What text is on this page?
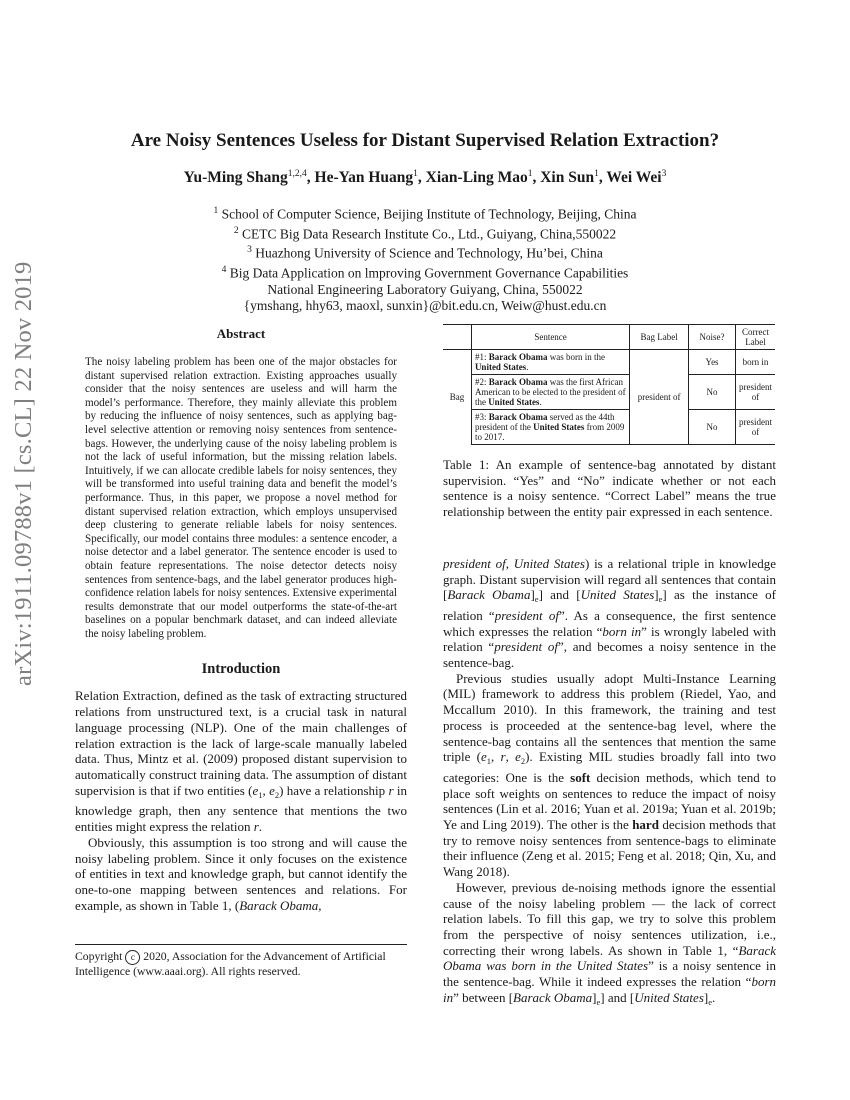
arXiv:1911.09788v1 [cs.CL] 22 Nov 2019
Are Noisy Sentences Useless for Distant Supervised Relation Extraction?
Yu-Ming Shang$^{1,2,4}$, He-Yan Huang$^1$, Xian-Ling Mao$^1$, Xin Sun$^1$, Wei Wei$^3$
$^1$ School of Computer Science, Beijing Institute of Technology, Beijing, China
$^2$ CETC Big Data Research Institute Co., Ltd., Guiyang, China,550022
$^3$ Huazhong University of Science and Technology, Hu’bei, China
$^4$ Big Data Application on lmproving Government Governance Capabilities
National Engineering Laboratory Guiyang, China, 550022
{ymshang, hhy63, maoxl, sunxin}@bit.edu.cn, Weiw@hust.edu.cn
Abstract

The noisy labeling problem has been one of the major obstacles for distant supervised relation extraction. Existing approaches usually consider that the noisy sentences are useless and will harm the model’s performance. Therefore, they mainly alleviate this problem by reducing the influence of noisy sentences, such as applying bag-level selective attention or removing noisy sentences from sentence-bags. However, the underlying cause of the noisy labeling problem is not the lack of useful information, but the missing relation labels. Intuitively, if we can allocate credible labels for noisy sentences, they will be transformed into useful training data and benefit the model’s performance. Thus, in this paper, we propose a novel method for distant supervised relation extraction, which employs unsupervised deep clustering to generate reliable labels for noisy sentences. Specifically, our model contains three modules: a sentence encoder, a noise detector and a label generator. The sentence encoder is used to obtain feature representations. The noise detector detects noisy sentences from sentence-bags, and the label generator produces high-confidence relation labels for noisy sentences. Extensive experimental results demonstrate that our model outperforms the state-of-the-art baselines on a popular benchmark dataset, and can indeed alleviate the noisy labeling problem.

Introduction

Relation Extraction, defined as the task of extracting structured relations from unstructured text, is a crucial task in natural language processing (NLP). One of the main challenges of relation extraction is the lack of large-scale manually labeled data. Thus, Mintz et al. (2009) proposed distant supervision to automatically construct training data. The assumption of distant supervision is that if two entities ($e_1$, $e_2$) have a relationship r in knowledge graph, then any sentence that mentions the two entities might express the relation r.

Obviously, this assumption is too strong and will cause the noisy labeling problem. Since it only focuses on the existence of entities in text and knowledge graph, but cannot identify the one-to-one mapping between sentences and relations. For example, as shown in Table 1, (Barack Obama,

Copyright c 2020, Association for the Advancement of Artificial Intelligence (www.aaai.org). All rights reserved.
	Sentence	Bag Label	Noise?	Correct Label
Bag	#1: Barack Obama was born in the United States.	president of	Yes	born in
	#2: Barack Obama was the first African American to be elected to the president of the United States.		No	president of
	#3: Barack Obama served as the 44th president of the United States from 2009 to 2017.		No	president of

Table 1: An example of sentence-bag annotated by distant supervision. “Yes” and “No” indicate whether or not each sentence is a noisy sentence. “Correct Label” means the true relationship between the entity pair expressed in each sentence.

president of, United States) is a relational triple in knowledge graph. Distant supervision will regard all sentences that contain [Barack $Obama]_e$] and [United $States]_e$] as the instance of relation “president of”. As a consequence, the first sentence which expresses the relation “born in” is wrongly labeled with relation “president of”, and becomes a noisy sentence in the sentence-bag.

Previous studies usually adopt Multi-Instance Learning (MIL) framework to address this problem (Riedel, Yao, and Mccallum 2010). In this framework, the training and test process is proceeded at the sentence-bag level, where the sentence-bag contains all the sentences that mention the same triple ($e_1$, r, $e_2$). Existing MIL studies broadly fall into two categories: One is the soft decision methods, which tend to place soft weights on sentences to reduce the impact of noisy sentences (Lin et al. 2016; Yuan et al. 2019a; Yuan et al. 2019b; Ye and Ling 2019). The other is the hard decision methods that try to remove noisy sentences from sentence-bags to eliminate their influence (Zeng et al. 2015; Feng et al. 2018; Qin, Xu, and Wang 2018).

However, previous de-noising methods ignore the essential cause of the noisy labeling problem — the lack of correct relation labels. To fill this gap, we try to solve this problem from the perspective of noisy sentences utilization, i.e., correcting their wrong labels. As shown in Table 1, “Barack Obama was born in the United States” is a noisy sentence in the sentence-bag. While it indeed expresses the relation “born in” between [Barack $Obama]_e$] and [United $States]_e$.
